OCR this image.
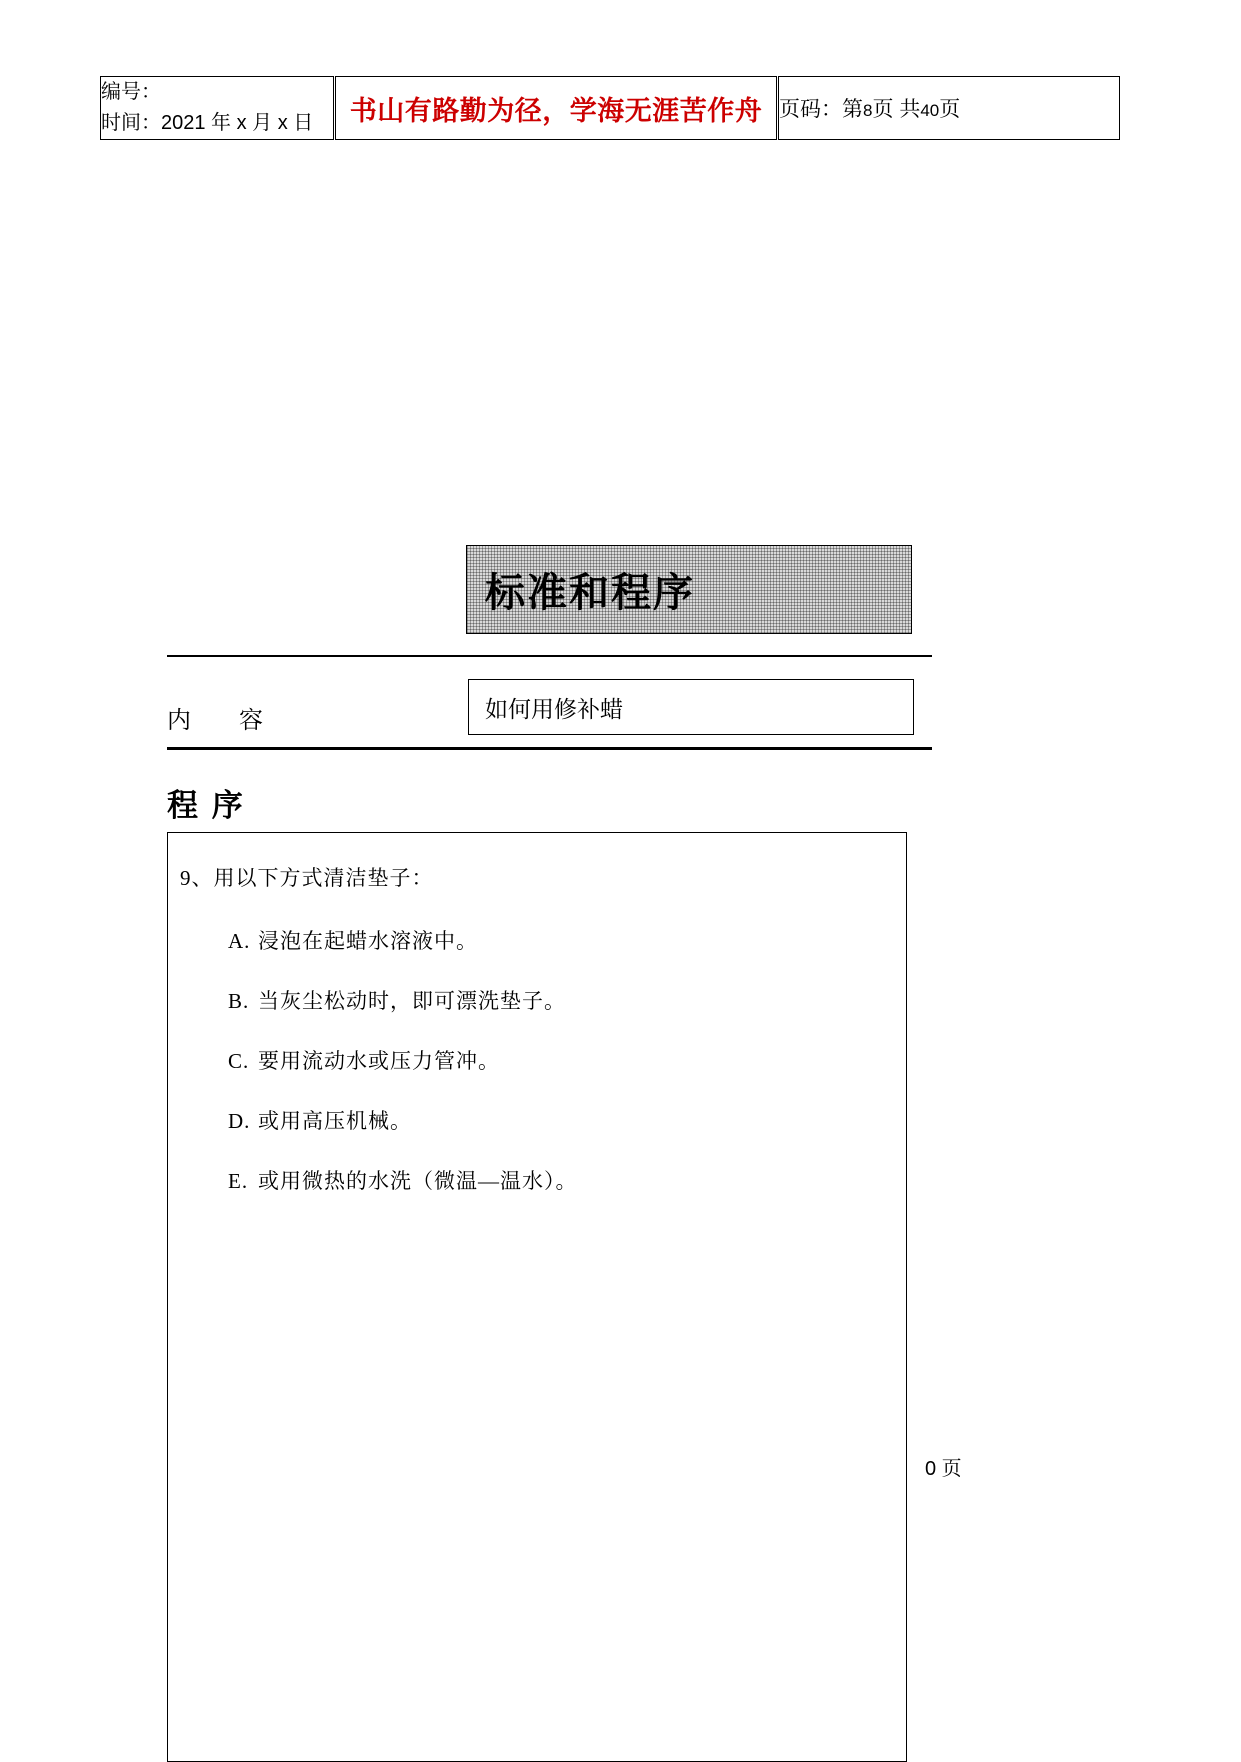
编号：
时间：2021 年 x 月 x 日	书山有路勤为径，学海无涯苦作舟	页码：第8页 共40页
标准和程序
内　容	如何用修补蜡
程 序
9、用以下方式清洁垫子：
A. 浸泡在起蜡水溶液中。
B. 当灰尘松动时，即可漂洗垫子。
C. 要用流动水或压力管冲。
D. 或用高压机械。
E. 或用微热的水洗（微温—温水）。
0 页
